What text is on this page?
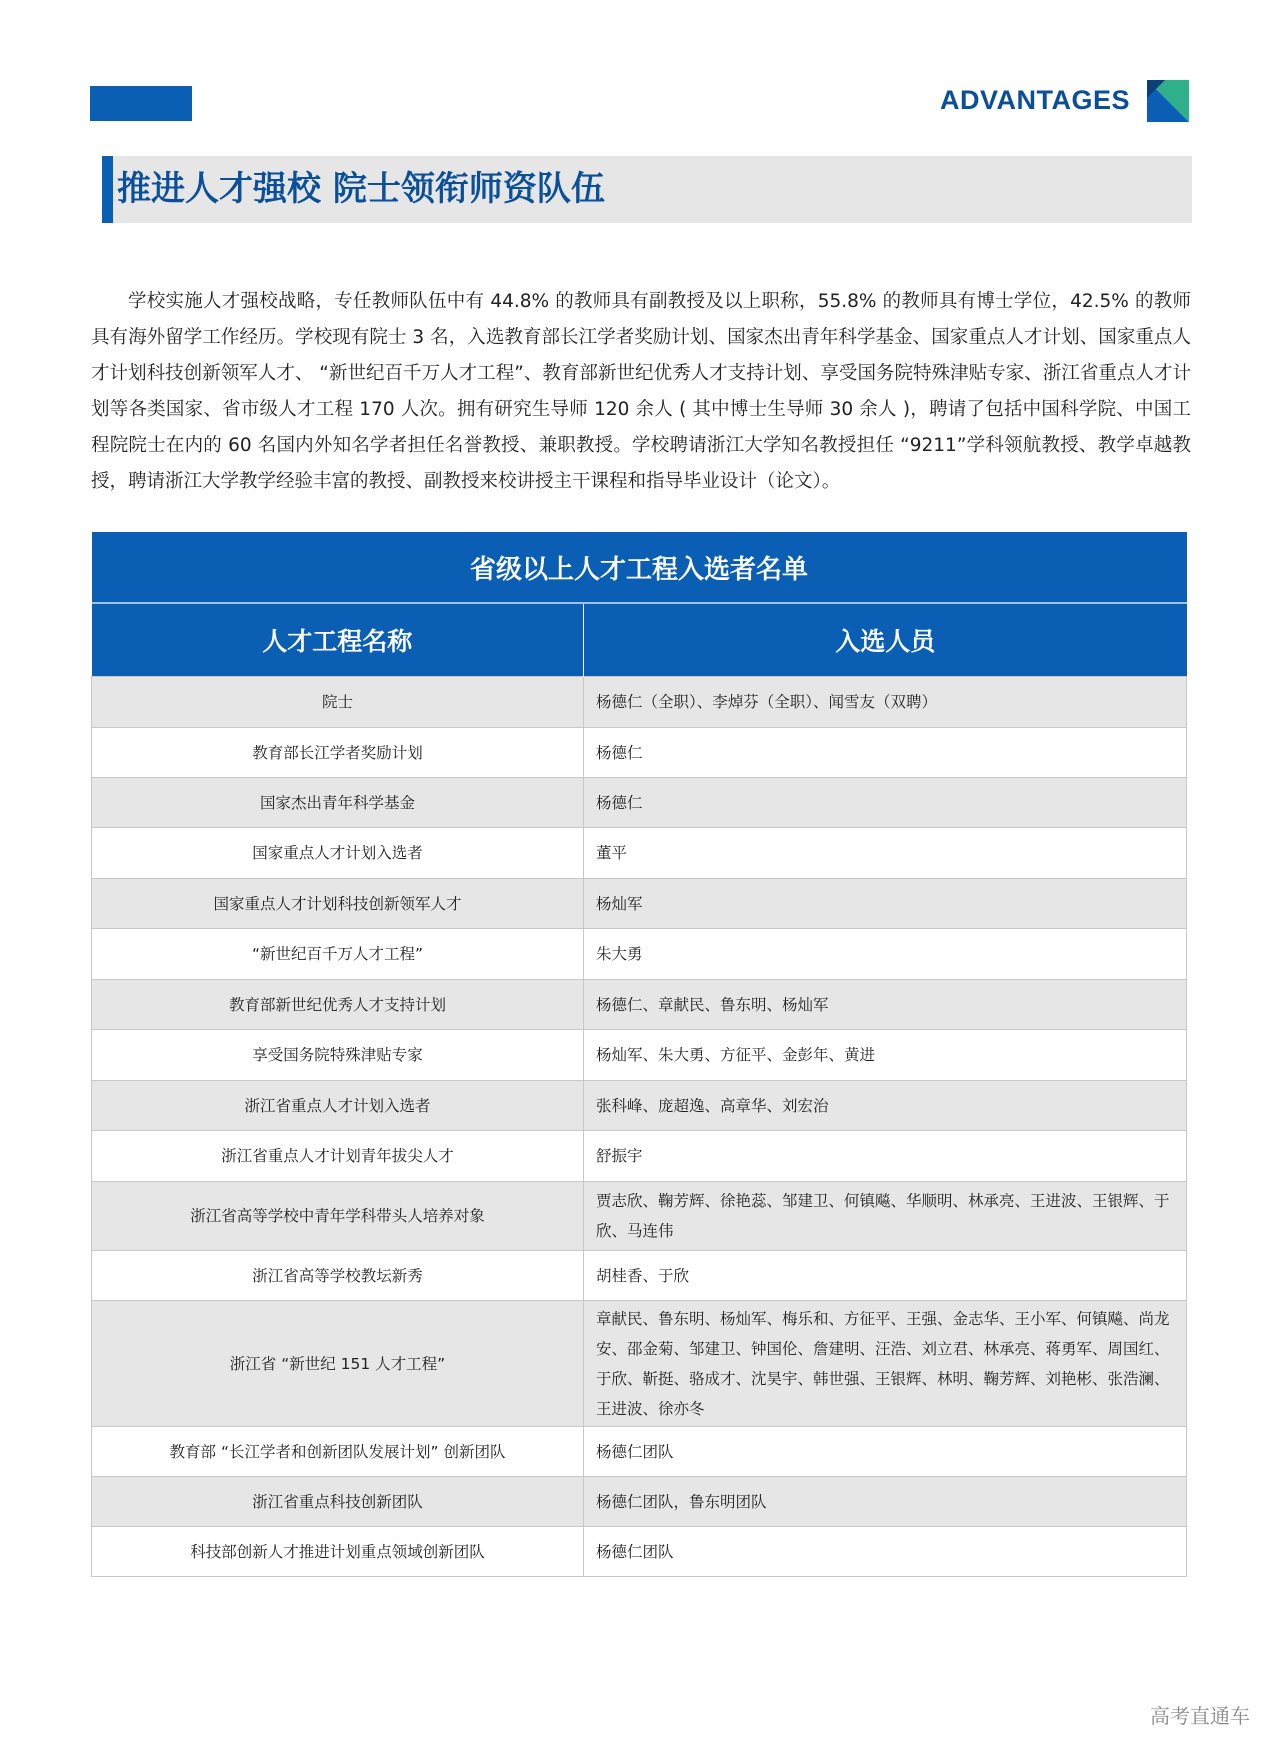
ADVANTAGES
推进人才强校 院士领衔师资队伍

学校实施人才强校战略，专任教师队伍中有 44.8% 的教师具有副教授及以上职称，55.8% 的教师具有博士学位，42.5% 的教师具有海外留学工作经历。学校现有院士 3 名，入选教育部长江学者奖励计划、国家杰出青年科学基金、国家重点人才计划、国家重点人才计划科技创新领军人才、 “新世纪百千万人才工程”、教育部新世纪优秀人才支持计划、享受国务院特殊津贴专家、浙江省重点人才计划等各类国家、省市级人才工程 170 人次。拥有研究生导师 120 余人 ( 其中博士生导师 30 余人 )，聘请了包括中国科学院、中国工程院院士在内的 60 名国内外知名学者担任名誉教授、兼职教授。学校聘请浙江大学知名教授担任 “9211”学科领航教授、教学卓越教授，聘请浙江大学教学经验丰富的教授、副教授来校讲授主干课程和指导毕业设计（论文）。

省级以上人才工程入选者名单	
人才工程名称	入选人员
院士	杨德仁（全职）、李焯芬（全职）、闻雪友（双聘）
教育部长江学者奖励计划	杨德仁
国家杰出青年科学基金	杨德仁
国家重点人才计划入选者	董平
国家重点人才计划科技创新领军人才	杨灿军
“新世纪百千万人才工程”	朱大勇
教育部新世纪优秀人才支持计划	杨德仁、章献民、鲁东明、杨灿军
享受国务院特殊津贴专家	杨灿军、朱大勇、方征平、金彭年、黄进
浙江省重点人才计划入选者	张科峰、庞超逸、高章华、刘宏治
浙江省重点人才计划青年拔尖人才	舒振宇
浙江省高等学校中青年学科带头人培养对象	贾志欣、鞠芳辉、徐艳蕊、邹建卫、何镇飚、华顺明、林承亮、王进波、王银辉、于欣、马连伟
浙江省高等学校教坛新秀	胡桂香、于欣
浙江省 “新世纪 151 人才工程”	章献民、鲁东明、杨灿军、梅乐和、方征平、王强、金志华、王小军、何镇飚、尚龙安、邵金菊、邹建卫、钟国伦、詹建明、汪浩、刘立君、林承亮、蒋勇军、周国红、于欣、靳挺、骆成才、沈昊宇、韩世强、王银辉、林明、鞠芳辉、刘艳彬、张浩澜、王进波、徐亦冬
教育部 “长江学者和创新团队发展计划” 创新团队	杨德仁团队
浙江省重点科技创新团队	杨德仁团队，鲁东明团队
科技部创新人才推进计划重点领域创新团队	杨德仁团队
高考直通车
